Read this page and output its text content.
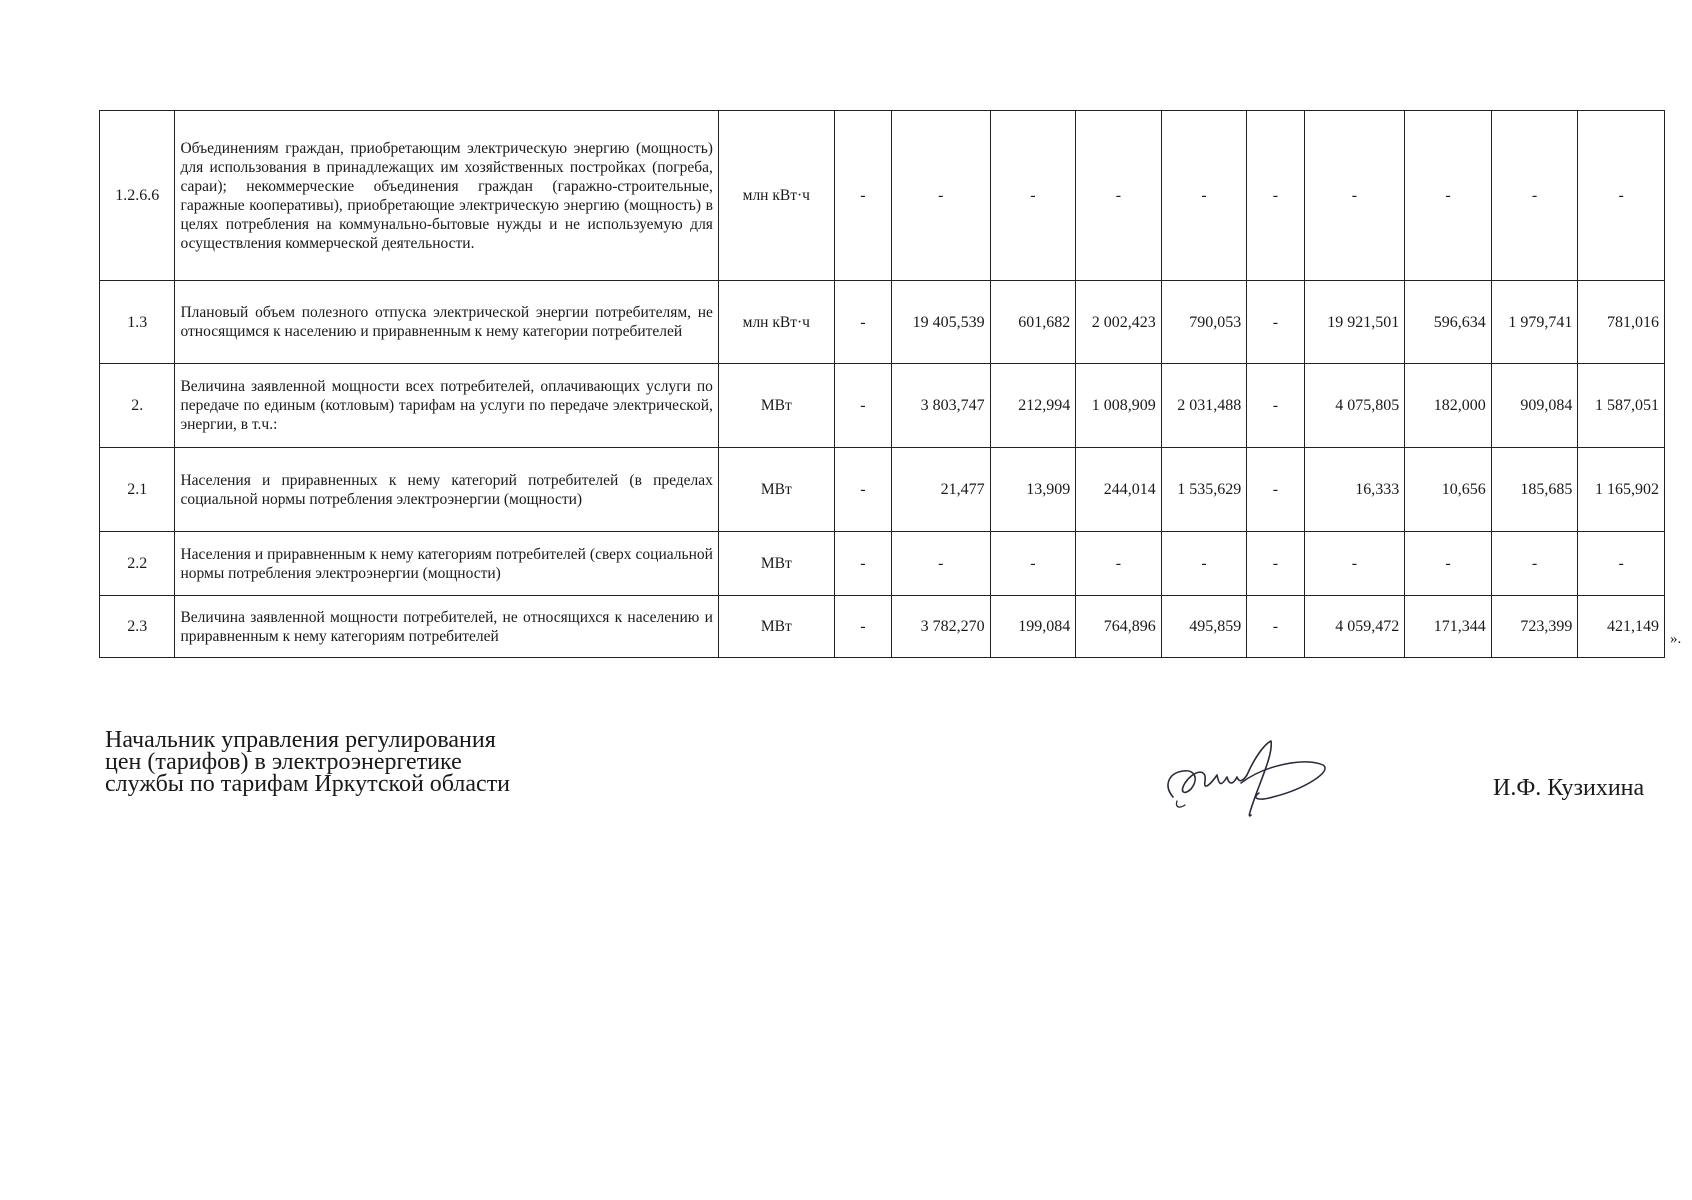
1.2.6.6	Объединениям граждан, приобретающим электрическую энергию (мощность) для использования в принадлежащих им хозяйственных постройках (погреба, сараи); некоммерческие объединения граждан (гаражно-строительные, гаражные кооперативы), приобретающие электрическую энергию (мощность) в целях потребления на коммунально-бытовые нужды и не используемую для осуществления коммерческой деятельности.	млн кВт·ч	-	-	-	-	-	-	-	-	-	-
1.3	Плановый объем полезного отпуска электрической энергии потребителям, не относящимся к населению и приравненным к нему категории потребителей	млн кВт·ч	-	19 405,539	601,682	2 002,423	790,053	-	19 921,501	596,634	1 979,741	781,016
2.	Величина заявленной мощности всех потребителей, оплачивающих услуги по передаче по единым (котловым) тарифам на услуги по передаче электрической, энергии, в т.ч.:	МВт	-	3 803,747	212,994	1 008,909	2 031,488	-	4 075,805	182,000	909,084	1 587,051
2.1	Населения и приравненных к нему категорий потребителей (в пределах социальной нормы потребления электроэнергии (мощности)	МВт	-	21,477	13,909	244,014	1 535,629	-	16,333	10,656	185,685	1 165,902
2.2	Населения и приравненным к нему категориям потребителей (сверх социальной нормы потребления электроэнергии (мощности)	МВт	-	-	-	-	-	-	-	-	-	-
2.3	Величина заявленной мощности потребителей, не относящихся к населению и приравненным к нему категориям потребителей	МВт	-	3 782,270	199,084	764,896	495,859	-	4 059,472	171,344	723,399	421,149
».
Начальник управления регулирования
цен (тарифов) в электроэнергетике
службы по тарифам Иркутской области	И.Ф. Кузихина
